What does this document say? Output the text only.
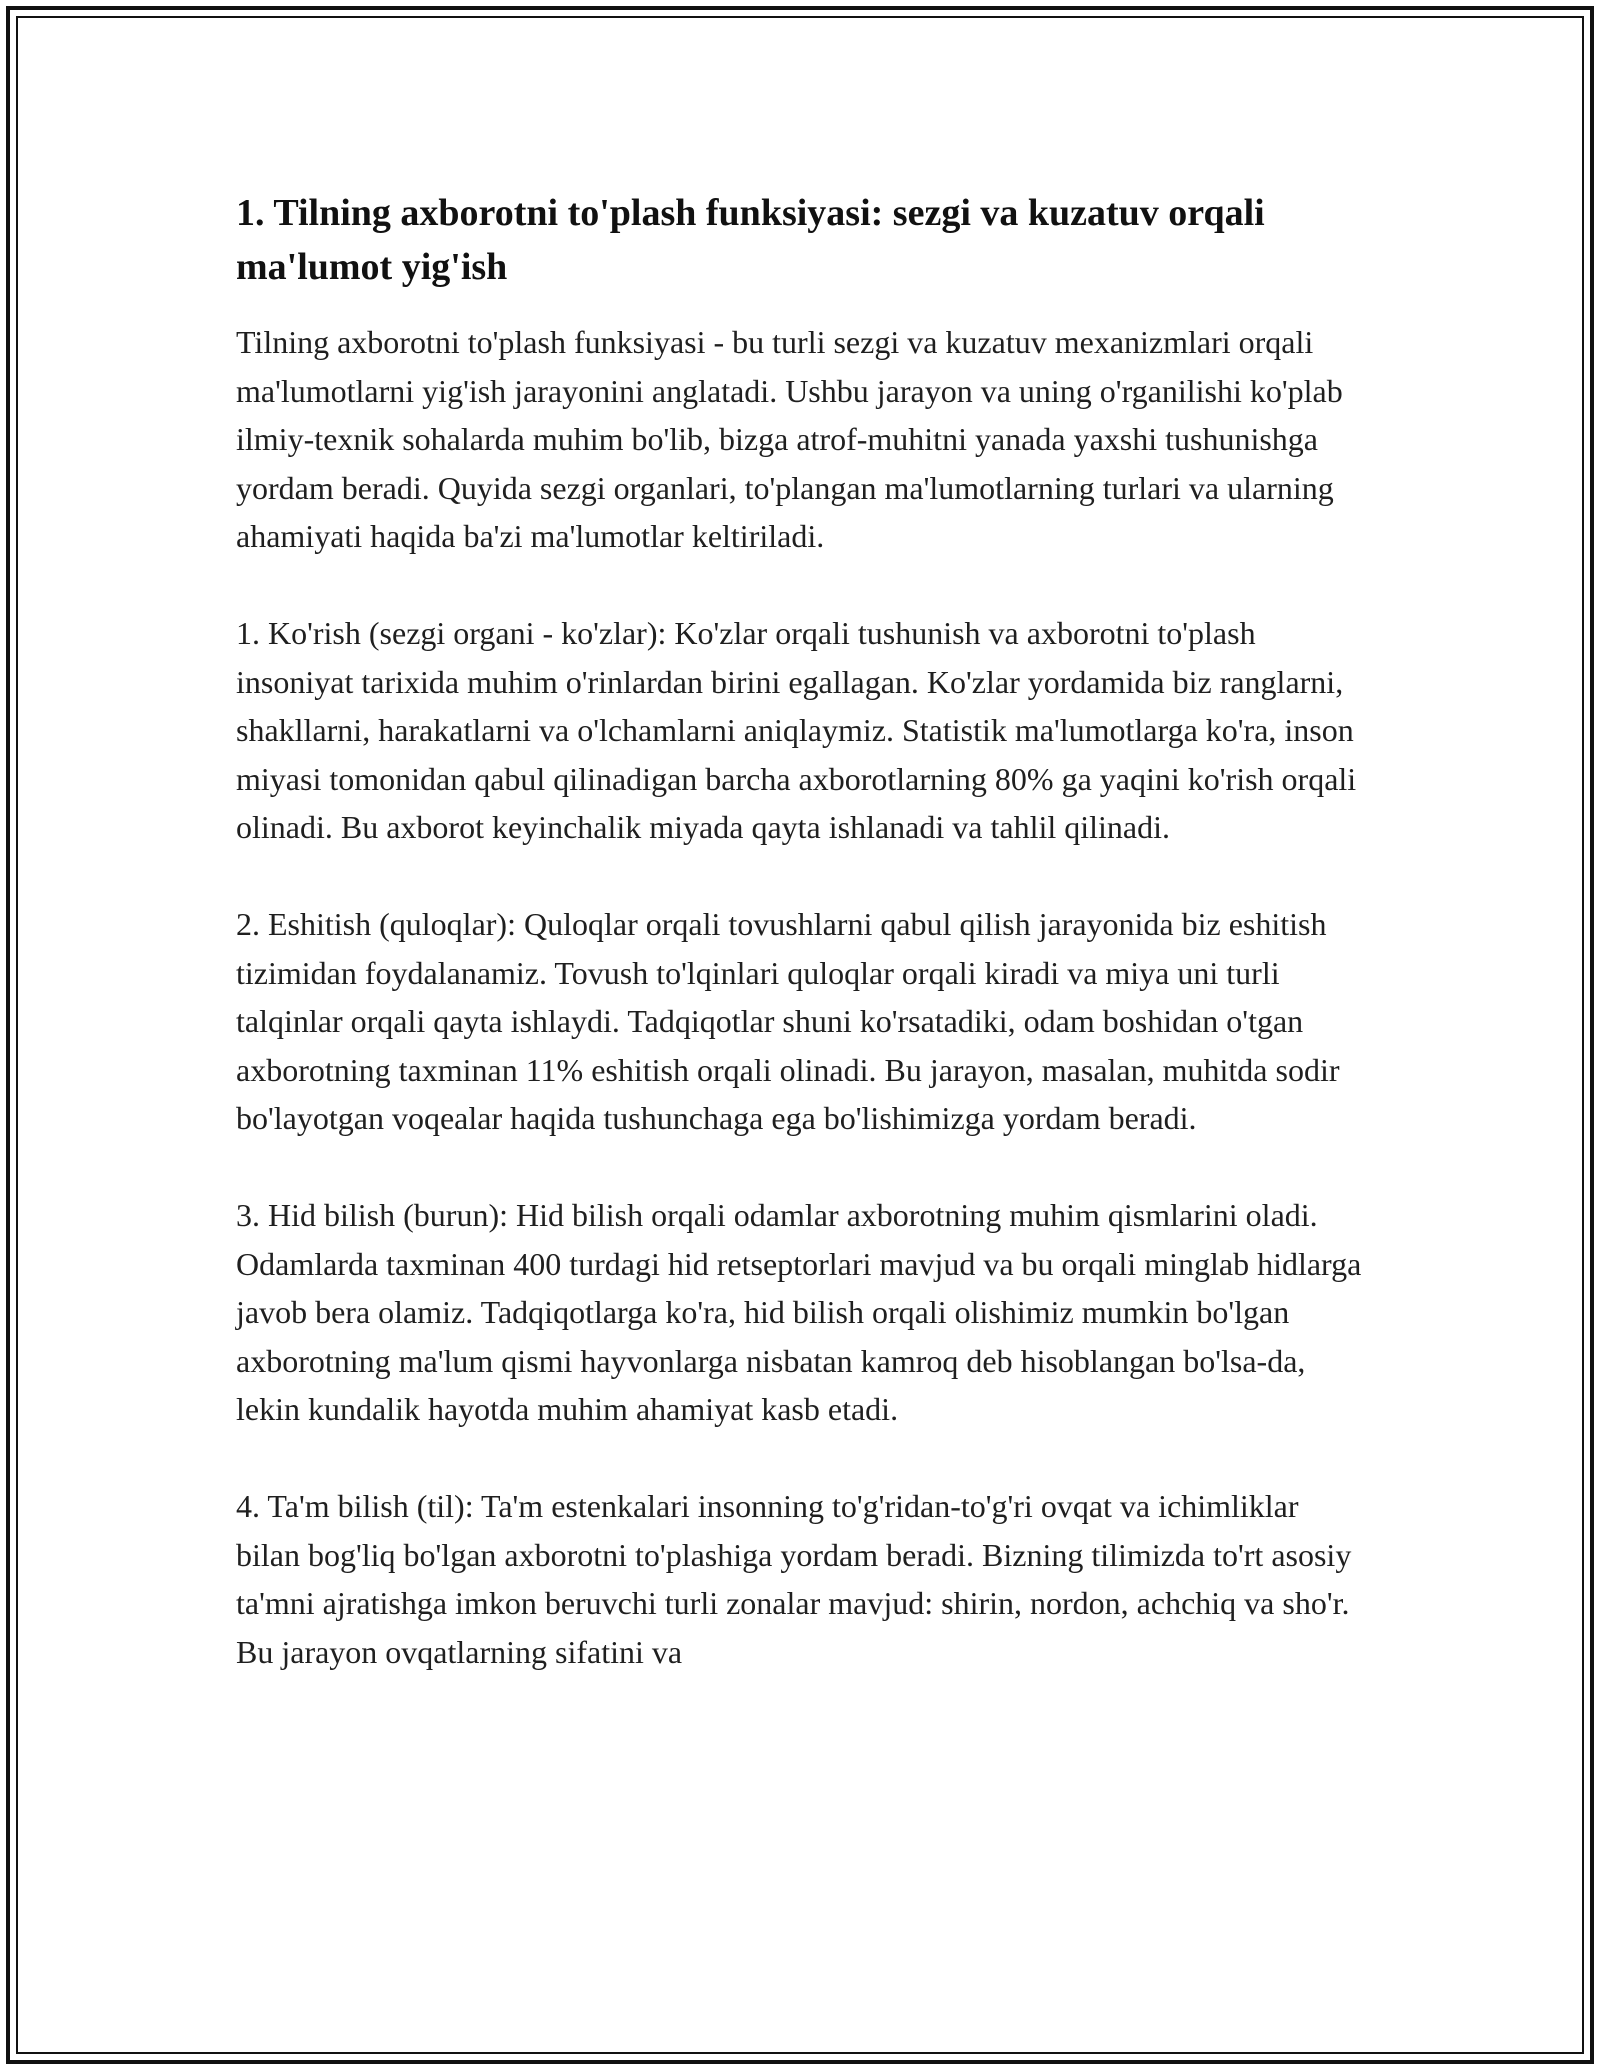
1. Tilning axborotni to'plash funksiyasi: sezgi va kuzatuv orqali ma'lumot yig'ish

Tilning axborotni to'plash funksiyasi - bu turli sezgi va kuzatuv mexanizmlari orqali ma'lumotlarni yig'ish jarayonini anglatadi. Ushbu jarayon va uning o'rganilishi ko'plab ilmiy-texnik sohalarda muhim bo'lib, bizga atrof-muhitni yanada yaxshi tushunishga yordam beradi. Quyida sezgi organlari, to'plangan ma'lumotlarning turlari va ularning ahamiyati haqida ba'zi ma'lumotlar keltiriladi.

1. Ko'rish (sezgi organi - ko'zlar): Ko'zlar orqali tushunish va axborotni to'plash insoniyat tarixida muhim o'rinlardan birini egallagan. Ko'zlar yordamida biz ranglarni, shakllarni, harakatlarni va o'lchamlarni aniqlaymiz. Statistik ma'lumotlarga ko'ra, inson miyasi tomonidan qabul qilinadigan barcha axborotlarning 80% ga yaqini ko'rish orqali olinadi. Bu axborot keyinchalik miyada qayta ishlanadi va tahlil qilinadi.

2. Eshitish (quloqlar): Quloqlar orqali tovushlarni qabul qilish jarayonida biz eshitish tizimidan foydalanamiz. Tovush to'lqinlari quloqlar orqali kiradi va miya uni turli talqinlar orqali qayta ishlaydi. Tadqiqotlar shuni ko'rsatadiki, odam boshidan o'tgan axborotning taxminan 11% eshitish orqali olinadi. Bu jarayon, masalan, muhitda sodir bo'layotgan voqealar haqida tushunchaga ega bo'lishimizga yordam beradi.

3. Hid bilish (burun): Hid bilish orqali odamlar axborotning muhim qismlarini oladi. Odamlarda taxminan 400 turdagi hid retseptorlari mavjud va bu orqali minglab hidlarga javob bera olamiz. Tadqiqotlarga ko'ra, hid bilish orqali olishimiz mumkin bo'lgan axborotning ma'lum qismi hayvonlarga nisbatan kamroq deb hisoblangan bo'lsa-da, lekin kundalik hayotda muhim ahamiyat kasb etadi.

4. Ta'm bilish (til): Ta'm estenkalari insonning to'g'ridan-to'g'ri ovqat va ichimliklar bilan bog'liq bo'lgan axborotni to'plashiga yordam beradi. Bizning tilimizda to'rt asosiy ta'mni ajratishga imkon beruvchi turli zonalar mavjud: shirin, nordon, achchiq va sho'r. Bu jarayon ovqatlarning sifatini va
